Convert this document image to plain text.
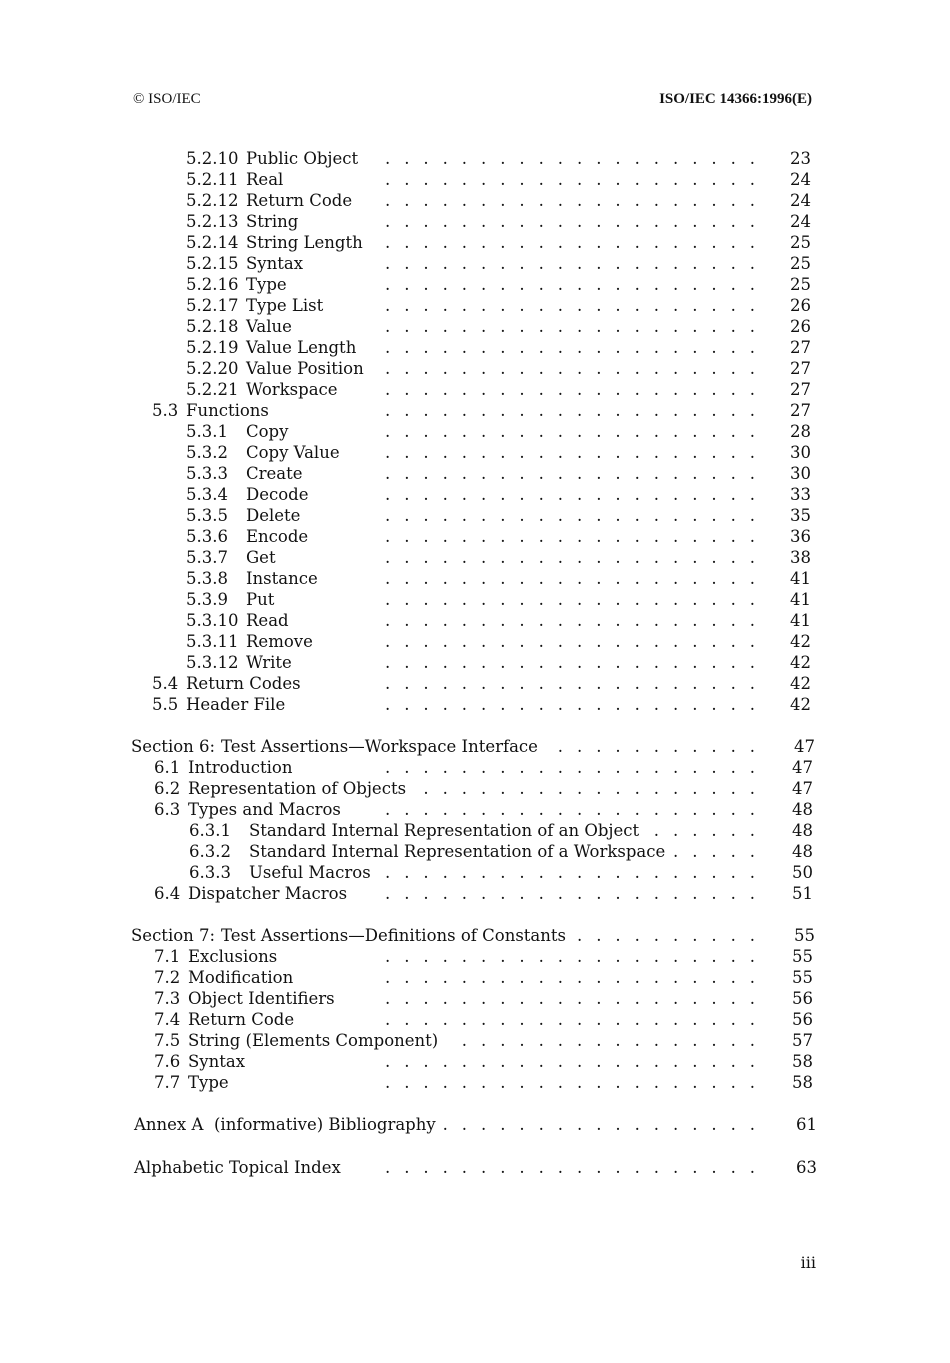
© ISO/IEC	ISO/IEC 14366:1996(E)
5.2.10 Public Object . . . . . . . . . . . . . . . . . . . . 23
5.2.11 Real	. . . . . . . . . . . . . . . . . . . . 24
5.2.12 Return Code . . . . . . . . . . . . . . . . . . . . 24
5.2.13 String	. . . . . . . . . . . . . . . . . . . . 24
5.2.14 String Length . . . . . . . . . . . . . . . . . . . . 25
5.2.15 Syntax	. . . . . . . . . . . . . . . . . . . . 25
5.2.16 Type	. . . . . . . . . . . . . . . . . . . . 25
5.2.17 Type List	. . . . . . . . . . . . . . . . . . . . 26
5.2.18 Value	. . . . . . . . . . . . . . . . . . . . 26
5.2.19 Value Length . . . . . . . . . . . . . . . . . . . . 27
5.2.20 Value Position . . . . . . . . . . . . . . . . . . . . 27
5.2.21 Workspace	. . . . . . . . . . . . . . . . . . . . 27
5.3 Functions	. . . . . . . . . . . . . . . . . . . . 27
5.3.1 Copy	. . . . . . . . . . . . . . . . . . . . 28
5.3.2 Copy Value	. . . . . . . . . . . . . . . . . . . . 30
5.3.3 Create	. . . . . . . . . . . . . . . . . . . . 30
5.3.4 Decode	. . . . . . . . . . . . . . . . . . . . 33
5.3.5 Delete	. . . . . . . . . . . . . . . . . . . . 35
5.3.6 Encode	. . . . . . . . . . . . . . . . . . . . 36
5.3.7 Get	. . . . . . . . . . . . . . . . . . . . 38
5.3.8 Instance	. . . . . . . . . . . . . . . . . . . . 41
5.3.9 Put	. . . . . . . . . . . . . . . . . . . . 41
5.3.10 Read	. . . . . . . . . . . . . . . . . . . . 41
5.3.11 Remove	. . . . . . . . . . . . . . . . . . . . 42
5.3.12 Write	. . . . . . . . . . . . . . . . . . . . 42
5.4 Return Codes	. . . . . . . . . . . . . . . . . . . . 42
5.5 Header File	. . . . . . . . . . . . . . . . . . . . 42
Section 6: Test Assertions—Workspace Interface . . . . . . . . . . . 47
6.1 Introduction	. . . . . . . . . . . . . . . . . . . . 47
6.2 Representation of Objects . . . . . . . . . . . . . . . . . . 47
6.3 Types and Macros	. . . . . . . . . . . . . . . . . . . . 48
6.3.1 Standard Internal Representation of an Object . . . . . . 48
6.3.2 Standard Internal Representation of a Workspace . . . . . 48
6.3.3 Useful Macros . . . . . . . . . . . . . . . . . . . . 50
6.4 Dispatcher Macros . . . . . . . . . . . . . . . . . . . . 51
Section 7: Test Assertions—Definitions of Constants . . . . . . . . . . 55
7.1 Exclusions	. . . . . . . . . . . . . . . . . . . . 55
7.2 Modification	. . . . . . . . . . . . . . . . . . . . 55
7.3 Object Identifiers	. . . . . . . . . . . . . . . . . . . . 56
7.4 Return Code	. . . . . . . . . . . . . . . . . . . . 56
7.5 String (Elements Component) . . . . . . . . . . . . . . . . 57
7.6 Syntax	. . . . . . . . . . . . . . . . . . . . 58
7.7 Type	. . . . . . . . . . . . . . . . . . . . 58
Annex A (informative) Bibliography . . . . . . . . . . . . . . . . . 61
Alphabetic Topical Index	. . . . . . . . . . . . . . . . . . . . 63
iii
